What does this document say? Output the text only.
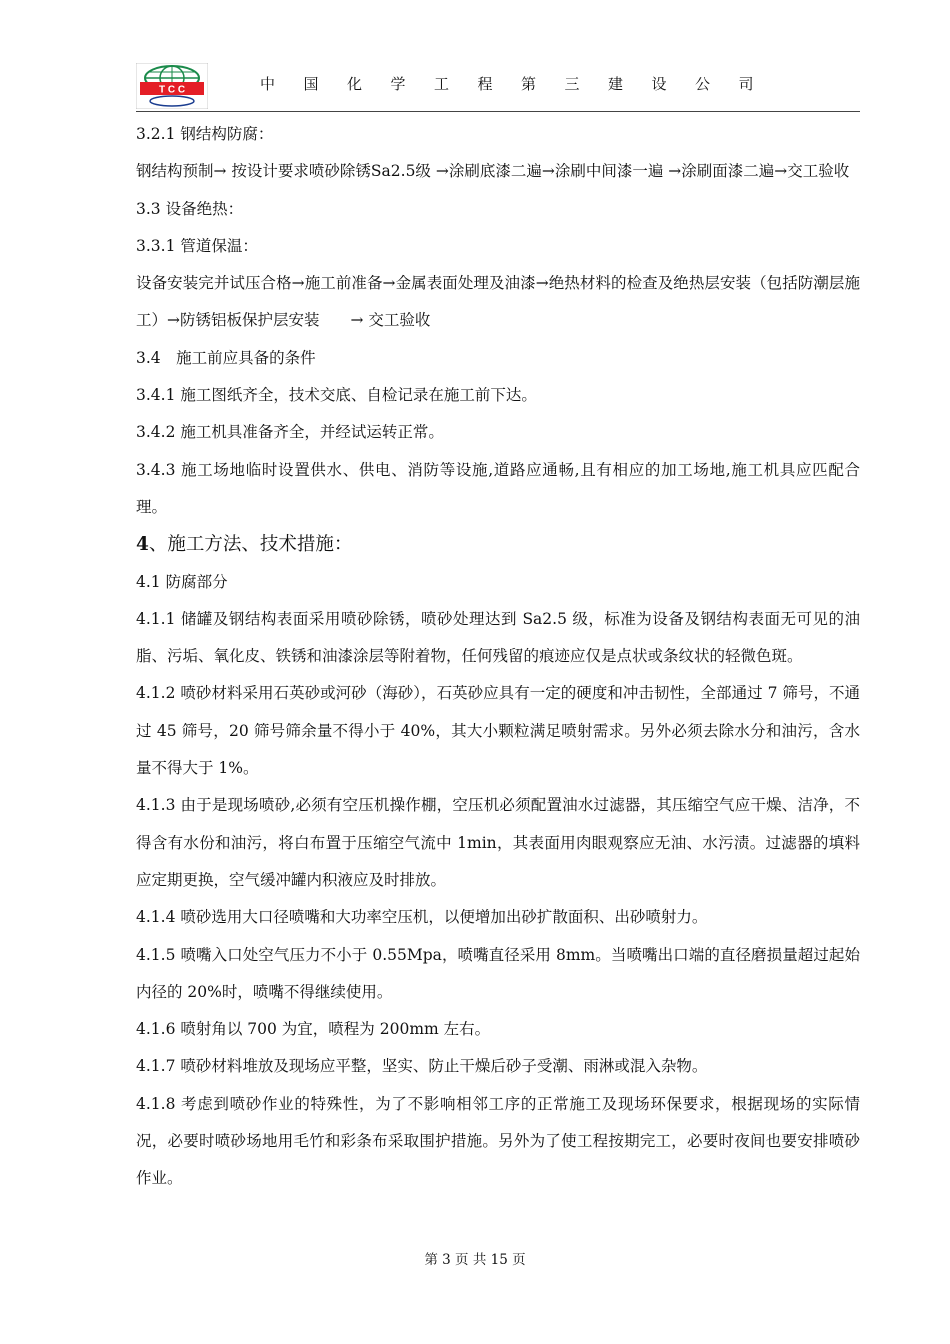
T C C	中国化学工程第三建设公司

3.2.1 钢结构防腐：

钢结构预制→ 按设计要求喷砂除锈Sa2.5级 →涂刷底漆二遍→涂刷中间漆一遍 →涂刷面漆二遍→交工验收

3.3 设备绝热：

3.3.1 管道保温：

设备安装完并试压合格→施工前准备→金属表面处理及油漆→绝热材料的检查及绝热层安装（包括防潮层施工）→防锈铝板保护层安装　　→ 交工验收

3.4　施工前应具备的条件

3.4.1 施工图纸齐全，技术交底、自检记录在施工前下达。

3.4.2 施工机具准备齐全，并经试运转正常。

3.4.3 施工场地临时设置供水、供电、消防等设施,道路应通畅,且有相应的加工场地,施工机具应匹配合理。

4、施工方法、技术措施：

4.1 防腐部分

4.1.1 储罐及钢结构表面采用喷砂除锈，喷砂处理达到 Sa2.5 级，标准为设备及钢结构表面无可见的油脂、污垢、氧化皮、铁锈和油漆涂层等附着物，任何残留的痕迹应仅是点状或条纹状的轻微色斑。

4.1.2 喷砂材料采用石英砂或河砂（海砂），石英砂应具有一定的硬度和冲击韧性，全部通过 7 筛号，不通过 45 筛号，20 筛号筛余量不得小于 40%，其大小颗粒满足喷射需求。另外必须去除水分和油污，含水量不得大于 1%。

4.1.3 由于是现场喷砂,必须有空压机操作棚，空压机必须配置油水过滤器，其压缩空气应干燥、洁净，不得含有水份和油污，将白布置于压缩空气流中 1min，其表面用肉眼观察应无油、水污渍。过滤器的填料应定期更换，空气缓冲罐内积液应及时排放。

4.1.4 喷砂选用大口径喷嘴和大功率空压机，以便增加出砂扩散面积、出砂喷射力。

4.1.5 喷嘴入口处空气压力不小于 0.55Mpa，喷嘴直径采用 8mm。当喷嘴出口端的直径磨损量超过起始内径的 20%时，喷嘴不得继续使用。

4.1.6 喷射角以 700 为宜，喷程为 200mm 左右。

4.1.7 喷砂材料堆放及现场应平整，坚实、防止干燥后砂子受潮、雨淋或混入杂物。

4.1.8 考虑到喷砂作业的特殊性，为了不影响相邻工序的正常施工及现场环保要求，根据现场的实际情况，必要时喷砂场地用毛竹和彩条布采取围护措施。另外为了使工程按期完工，必要时夜间也要安排喷砂作业。

第 3 页 共 15 页
